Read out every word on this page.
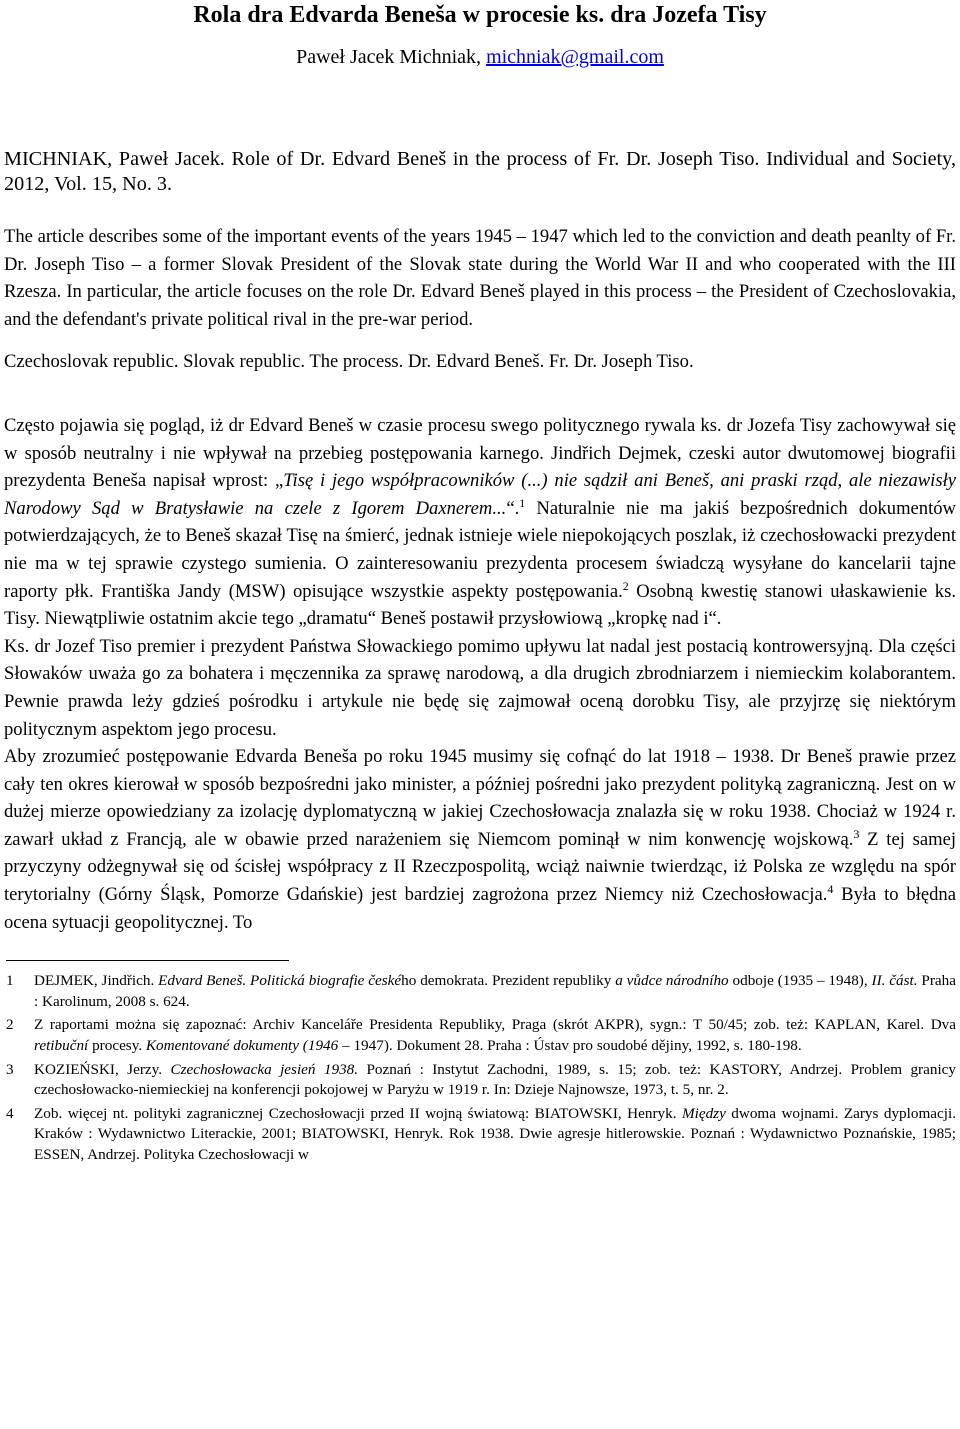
Rola dra Edvarda Beneša w procesie ks. dra Jozefa Tisy
Paweł Jacek Michniak, michniak@gmail.com

MICHNIAK, Paweł Jacek. Role of Dr. Edvard Beneš in the process of Fr. Dr. Joseph Tiso. Individual and Society, 2012, Vol. 15, No. 3.

The article describes some of the important events of the years 1945 – 1947 which led to the conviction and death peanlty of Fr. Dr. Joseph Tiso – a former Slovak President of the Slovak state during the World War II and who cooperated with the III Rzesza. In particular, the article focuses on the role Dr. Edvard Beneš played in this process – the President of Czechoslovakia, and the defendant's private political rival in the pre-war period.

Czechoslovak republic. Slovak republic. The process. Dr. Edvard Beneš. Fr. Dr. Joseph Tiso.

Często pojawia się pogląd, iż dr Edvard Beneš w czasie procesu swego politycznego rywala ks. dr Jozefa Tisy zachowywał się w sposób neutralny i nie wpływał na przebieg postępowania karnego. Jindřich Dejmek, czeski autor dwutomowej biografii prezydenta Beneša napisał wprost: „Tisę i jego współpracowników (...) nie sądził ani Beneš, ani praski rząd, ale niezawisły Narodowy Sąd w Bratysławie na czele z Igorem Daxnerem...“.$^1$ Naturalnie nie ma jakiś bezpośrednich dokumentów potwierdzających, że to Beneš skazał Tisę na śmierć, jednak istnieje wiele niepokojących poszlak, iż czechosłowacki prezydent nie ma w tej sprawie czystego sumienia. O zainteresowaniu prezydenta procesem świadczą wysyłane do kancelarii tajne raporty płk. Františka Jandy (MSW) opisujące wszystkie aspekty postępowania.$^2$ Osobną kwestię stanowi ułaskawienie ks. Tisy. Niewątpliwie ostatnim akcie tego „dramatu“ Beneš postawił przysłowiową „kropkę nad i“.

Ks. dr Jozef Tiso premier i prezydent Państwa Słowackiego pomimo upływu lat nadal jest postacią kontrowersyjną. Dla części Słowaków uważa go za bohatera i męczennika za sprawę narodową, a dla drugich zbrodniarzem i niemieckim kolaborantem. Pewnie prawda leży gdzieś pośrodku i artykule nie będę się zajmował oceną dorobku Tisy, ale przyjrzę się niektórym politycznym aspektom jego procesu.

Aby zrozumieć postępowanie Edvarda Beneša po roku 1945 musimy się cofnąć do lat 1918 – 1938. Dr Beneš prawie przez cały ten okres kierował w sposób bezpośredni jako minister, a później pośredni jako prezydent polityką zagraniczną. Jest on w dużej mierze opowiedziany za izolację dyplomatyczną w jakiej Czechosłowacja znalazła się w roku 1938. Chociaż w 1924 r. zawarł układ z Francją, ale w obawie przed narażeniem się Niemcom pominął w nim konwencję wojskową.$^3$ Z tej samej przyczyny odżegnywał się od ścisłej współpracy z II Rzeczpospolitą, wciąż naiwnie twierdząc, iż Polska ze względu na spór terytorialny (Górny Śląsk, Pomorze Gdańskie) jest bardziej zagrożona przez Niemcy niż Czechosłowacja.$^4$ Była to błędna ocena sytuacji geopolitycznej. To

1	DEJMEK, Jindřich. Edvard Beneš. Politická biografie českého demokrata. Prezident republiky a vůdce národního odboje (1935 – 1948), II. část. Praha : Karolinum, 2008 s. 624.
2	Z raportami można się zapoznać: Archiv Kanceláře Presidenta Republiky, Praga (skrót AKPR), sygn.: T 50/45; zob. też: KAPLAN, Karel. Dva retibuční procesy. Komentované dokumenty (1946 – 1947). Dokument 28. Praha : Ústav pro soudobé dějiny, 1992, s. 180-198.
3	KOZIEŃSKI, Jerzy. Czechosłowacka jesień 1938. Poznań : Instytut Zachodni, 1989, s. 15; zob. też: KASTORY, Andrzej. Problem granicy czechosłowacko-niemieckiej na konferencji pokojowej w Paryżu w 1919 r. In: Dzieje Najnowsze, 1973, t. 5, nr. 2.
4	Zob. więcej nt. polityki zagranicznej Czechosłowacji przed II wojną światową: BIATOWSKI, Henryk. Między dwoma wojnami. Zarys dyplomacji. Kraków : Wydawnictwo Literackie, 2001; BIATOWSKI, Henryk. Rok 1938. Dwie agresje hitlerowskie. Poznań : Wydawnictwo Poznańskie, 1985; ESSEN, Andrzej. Polityka Czechosłowacji w
